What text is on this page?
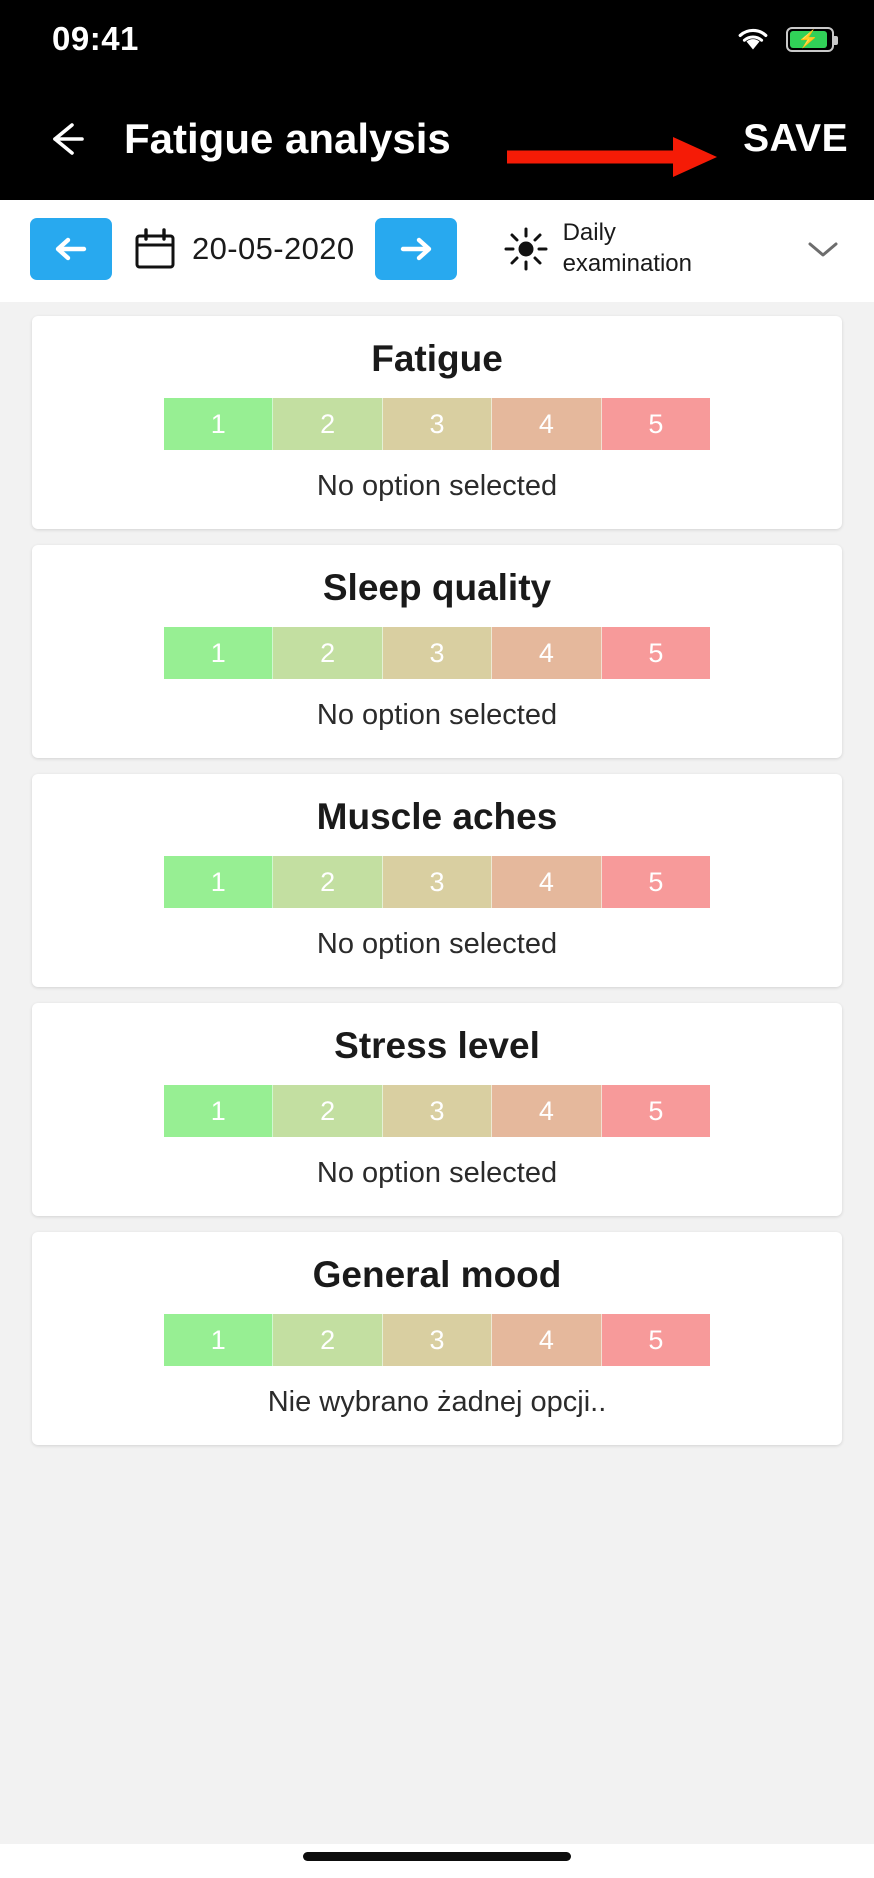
09:41	⚡
Fatigue analysis	SAVE
20-05-2020	Daily examination
Fatigue
1	2	3	4	5
No option selected
Sleep quality
1	2	3	4	5
No option selected
Muscle aches
1	2	3	4	5
No option selected
Stress level
1	2	3	4	5
No option selected
General mood
1	2	3	4	5
Nie wybrano żadnej opcji..
